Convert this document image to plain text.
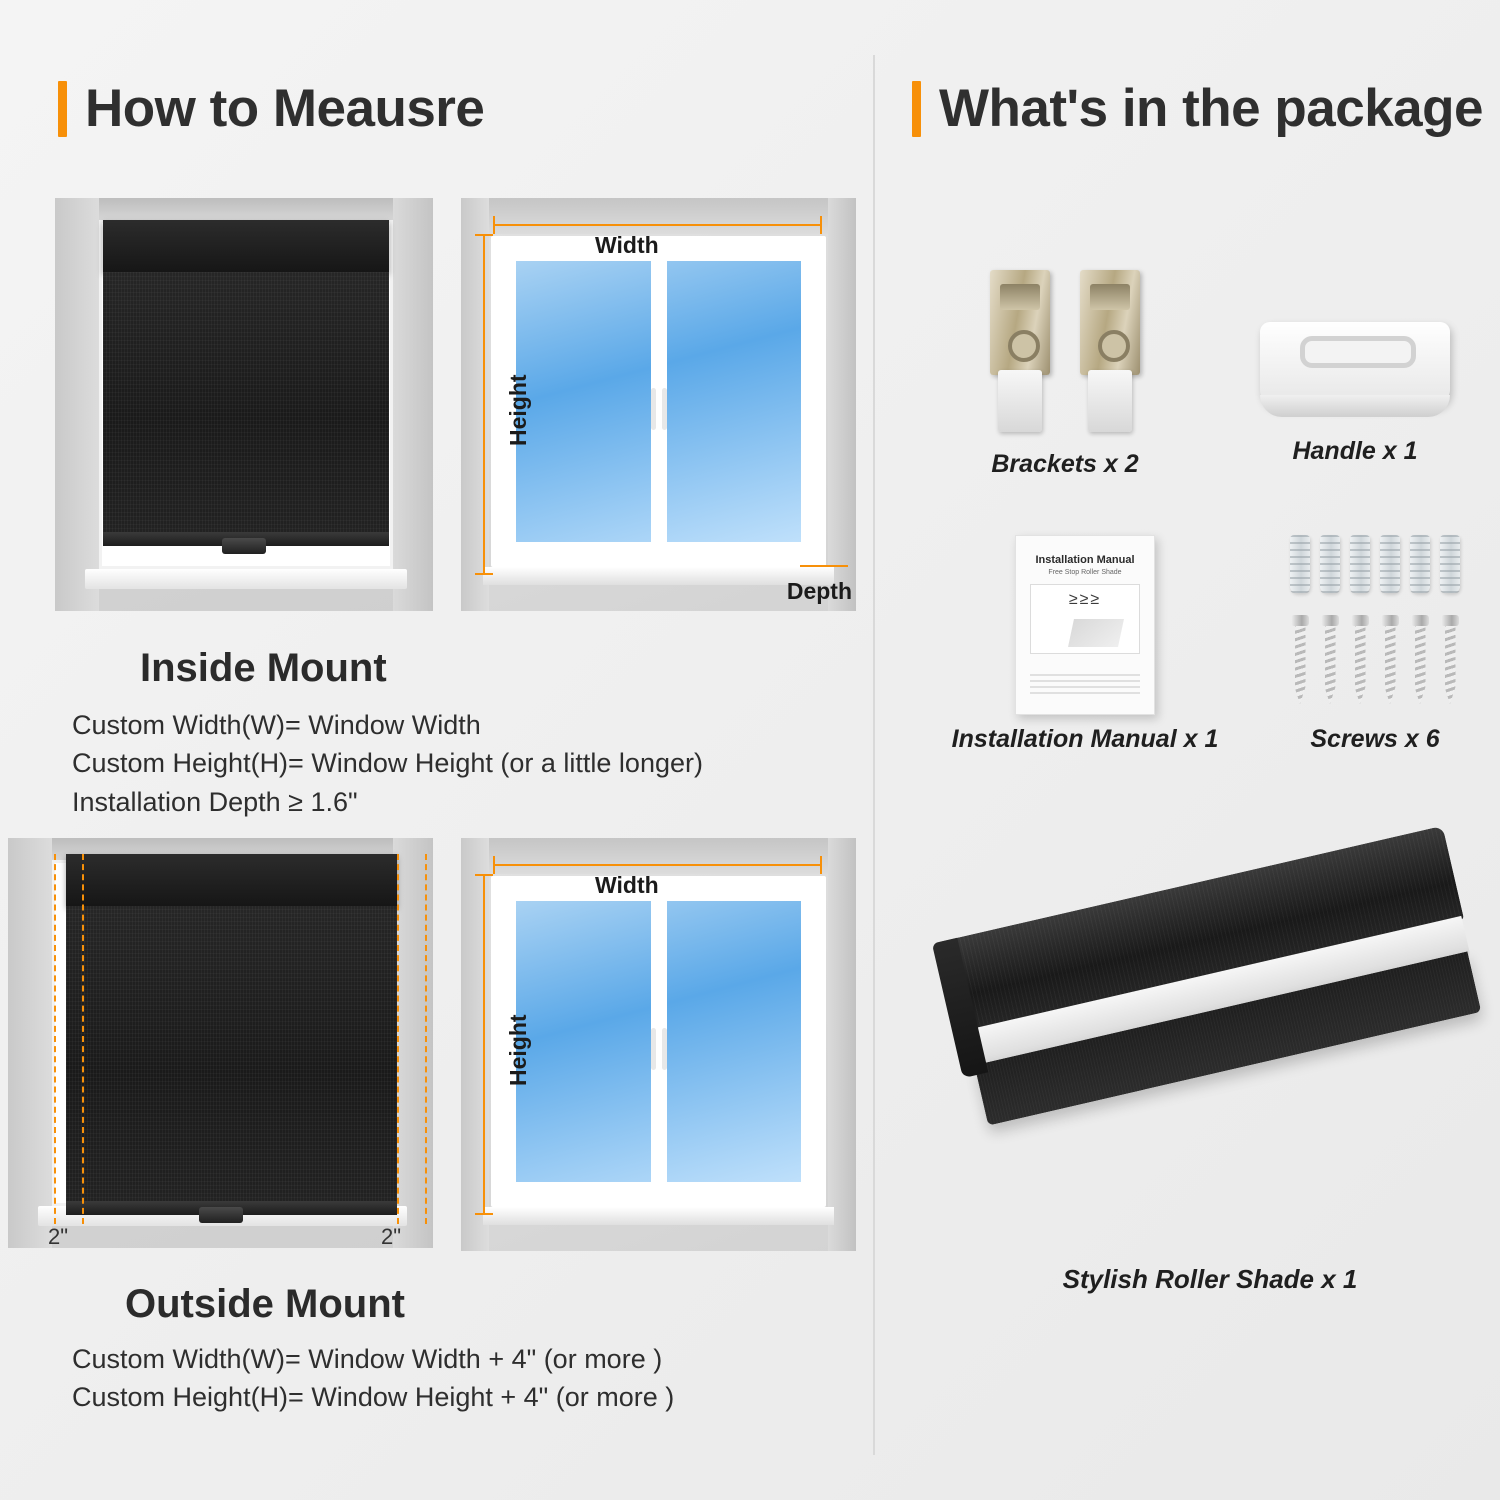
How to Meausre	What's in the package
Width
Height
Depth
Inside Mount
Custom Width(W)= Window Width
Custom Height(H)= Window Height (or a little longer)
Installation Depth ≥ 1.6"
2"	2"
Width
Height
Outside Mount
Custom Width(W)= Window Width + 4" (or more )
Custom Height(H)= Window Height + 4" (or more )
Brackets x 2	Handle x 1
Installation Manual
Free Stop Roller Shade
≥≥≥
Installation Manual x 1	Screws x 6
Stylish Roller Shade x 1
